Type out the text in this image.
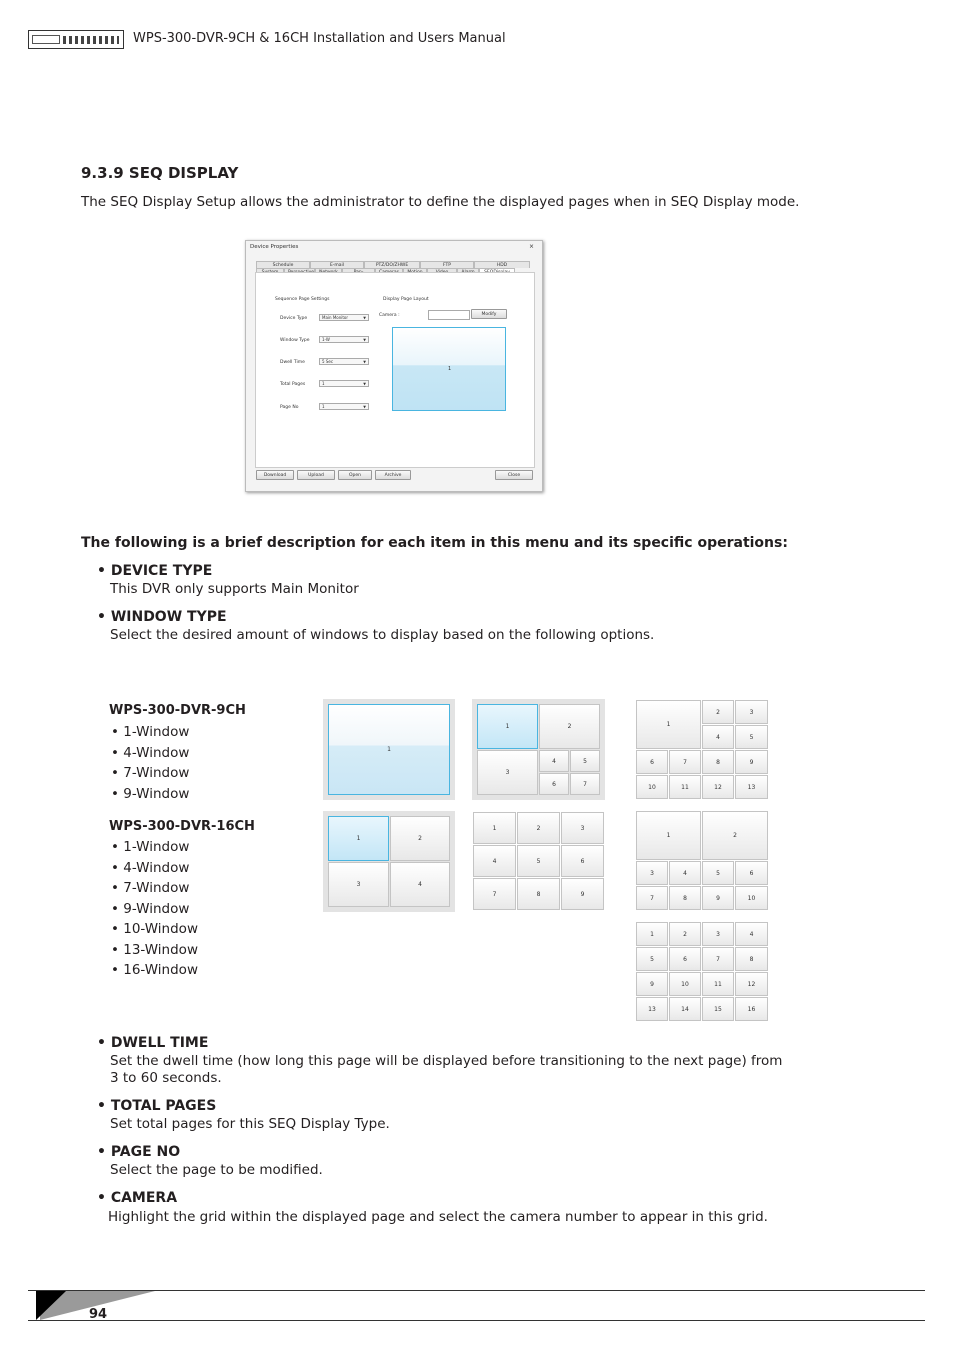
WPS-300-DVR-9CH & 16CH Installation and Users Manual
9.3.9 SEQ DISPLAY
The SEQ Display Setup allows the administrator to define the displayed pages when in SEQ Display mode.
Device Properties	⨯
Schedule	E-mail	PTZ/DO/ZHWE	FTP	HDD
Sequence Page Settings	Display Page Layout
Device Type	Main Monitor ▼
Window Type	1-W ▼
Dwell Time	5 Sec ▼
Total Pages	1 ▼
Page No	1 ▼
Camera :	Modify
1
Download	Upload	Open	Archive	Close
The following is a brief description for each item in this menu and its specific operations:
• DEVICE TYPE
This DVR only supports Main Monitor
• WINDOW TYPE
Select the desired amount of windows to display based on the following options.
WPS-300-DVR-9CH
• 1-Window
• 4-Window
• 7-Window
• 9-Window
WPS-300-DVR-16CH
• 1-Window
• 4-Window
• 7-Window
• 9-Window
• 10-Window
• 13-Window
• 16-Window
1
1	2
3
4	5
6	7
1
2	3
4	5
6	7	8	9
10	11	12	13
1	2
3	4
1	2	3
4	5	6
7	8	9
1	2
3	4	5	6
7	8	9	10
1	2	3	4
5	6	7	8
9	10	11	12
13	14	15	16
• DWELL TIME
Set the dwell time (how long this page will be displayed before transitioning to the next page) from
3 to 60 seconds.
• TOTAL PAGES
Set total pages for this SEQ Display Type.
• PAGE NO
Select the page to be modified.
• CAMERA
Highlight the grid within the displayed page and select the camera number to appear in this grid.
94
